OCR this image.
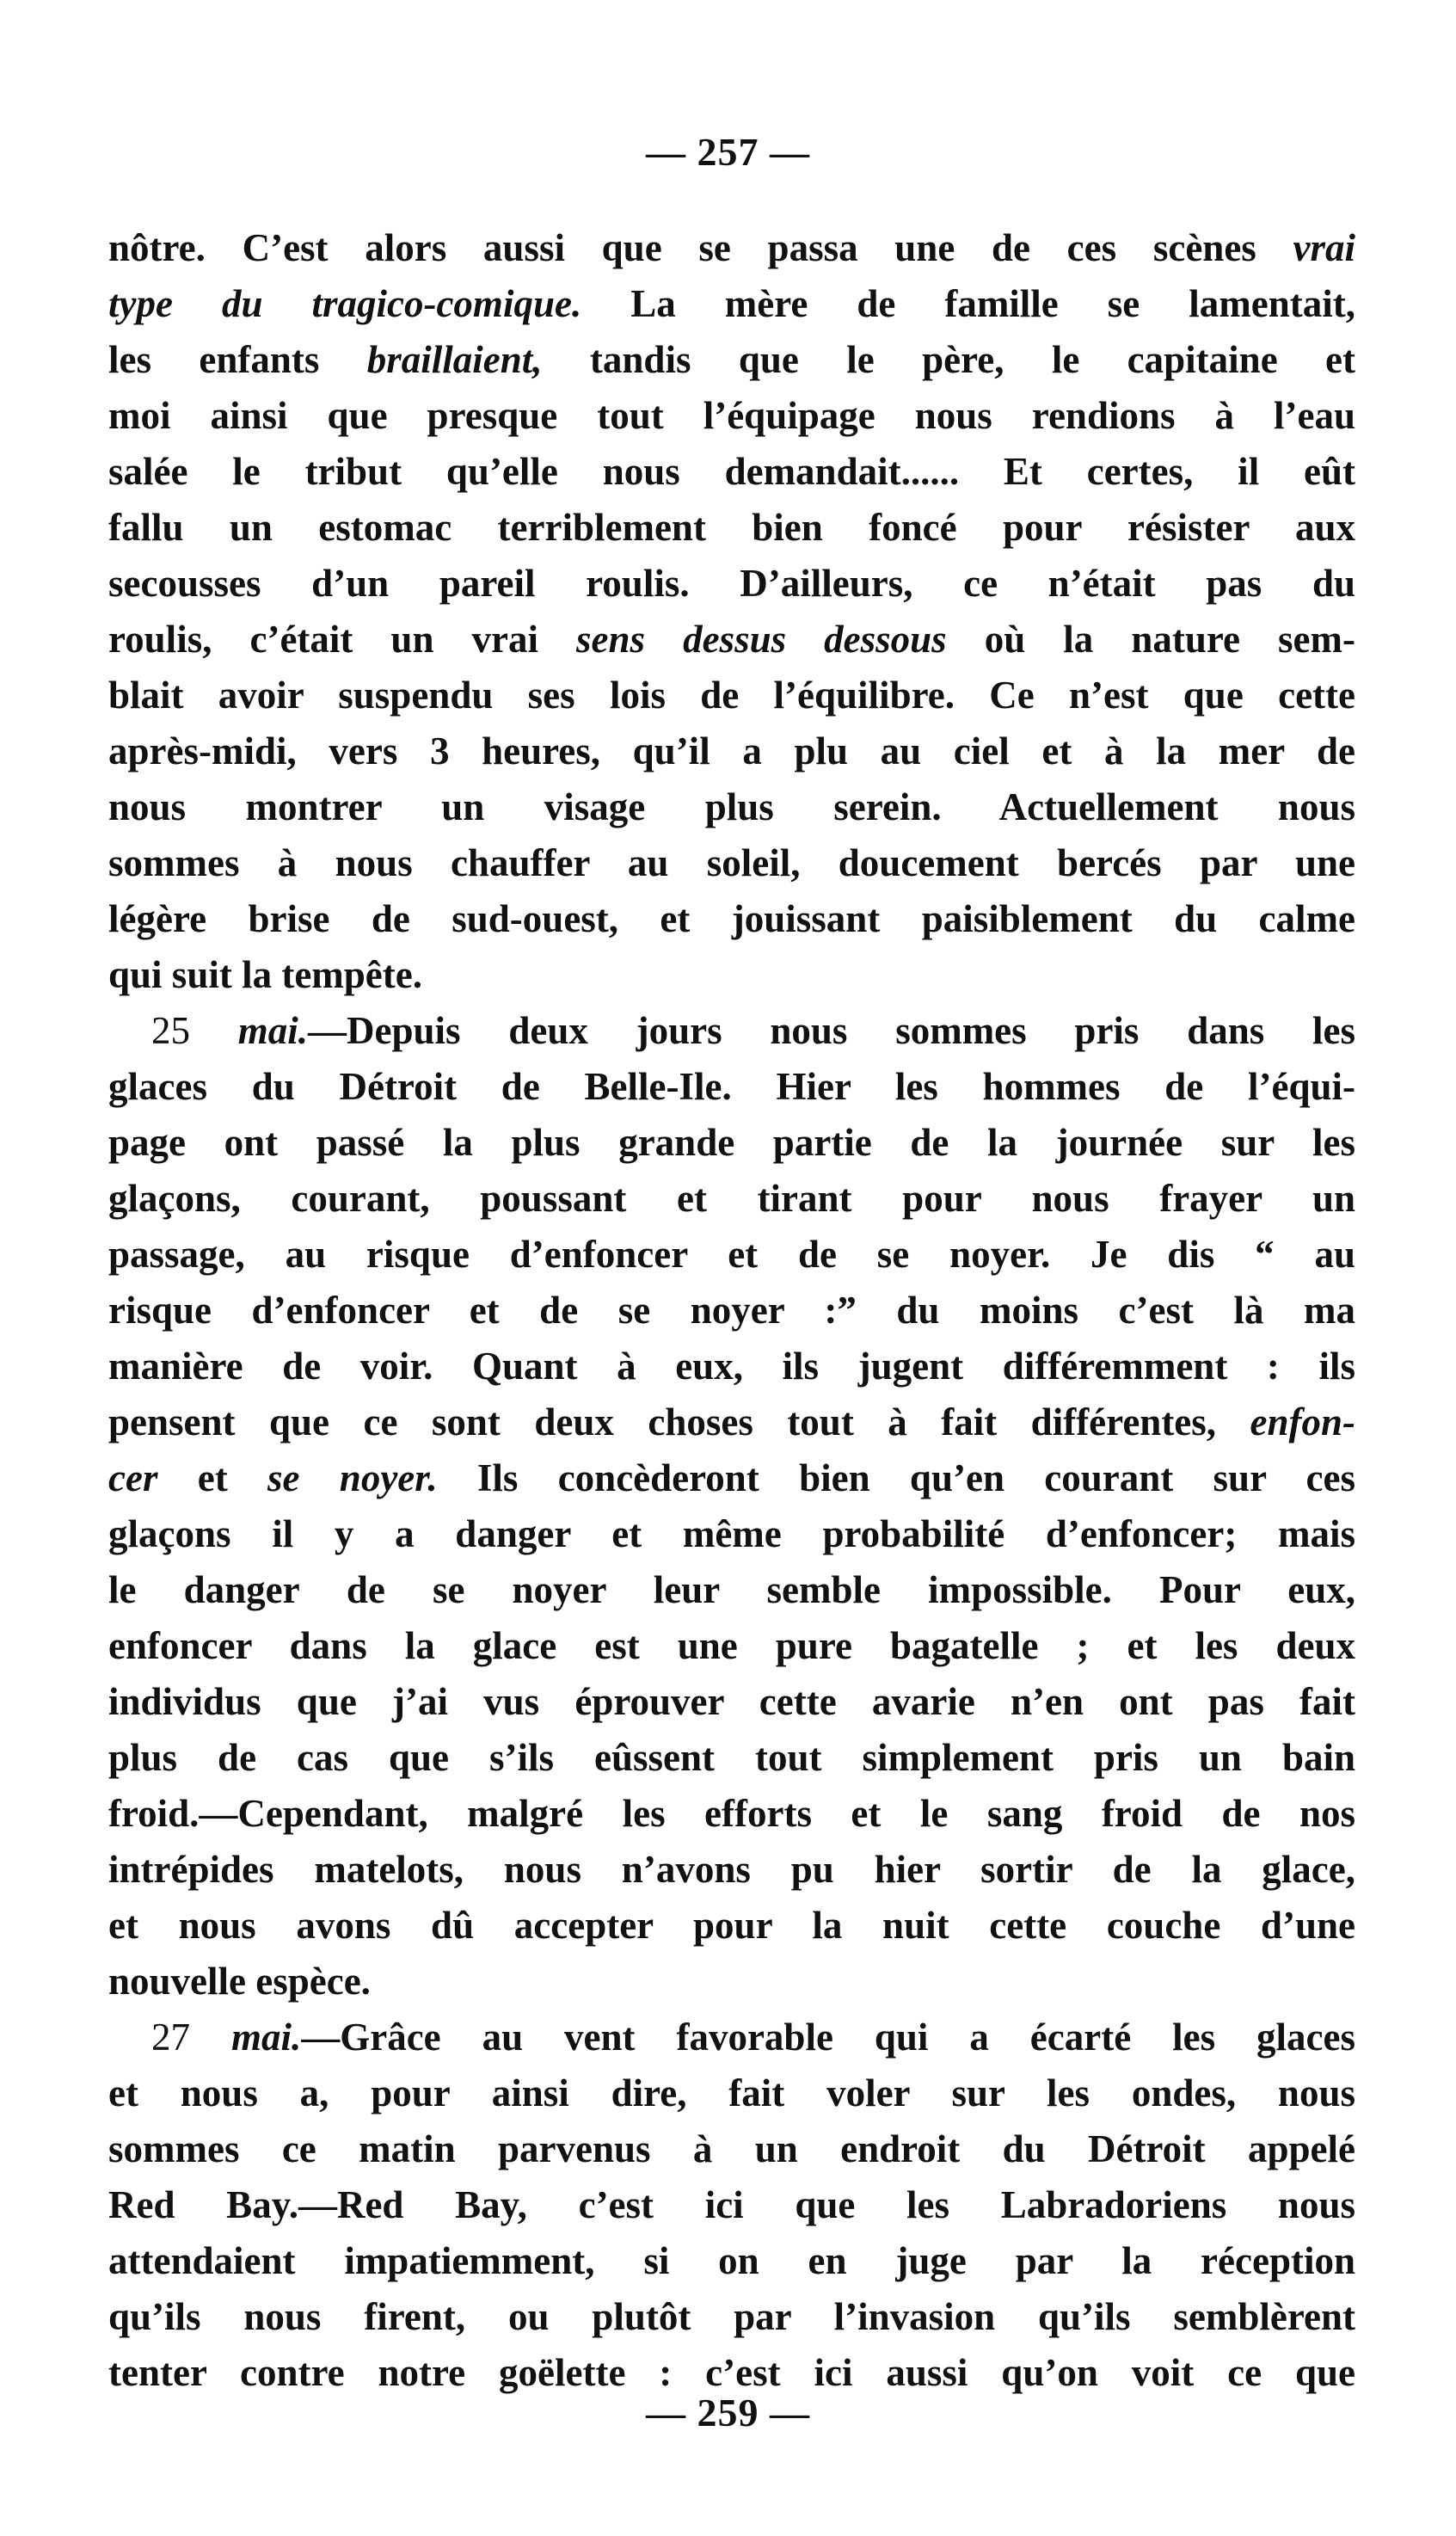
— 257 —
nôtre. C’est alors aussi que se passa une de ces scènes vrai
type du tragico-comique. La mère de famille se lamentait,
les enfants braillaient, tandis que le père, le capitaine et
moi ainsi que presque tout l’équipage nous rendions à l’eau
salée le tribut qu’elle nous demandait...... Et certes, il eût
fallu un estomac terriblement bien foncé pour résister aux
secousses d’un pareil roulis. D’ailleurs, ce n’était pas du
roulis, c’était un vrai sens dessus dessous où la nature sem-
blait avoir suspendu ses lois de l’équilibre. Ce n’est que cette
après-midi, vers 3 heures, qu’il a plu au ciel et à la mer de
nous montrer un visage plus serein. Actuellement nous
sommes à nous chauffer au soleil, doucement bercés par une
légère brise de sud-ouest, et jouissant paisiblement du calme
qui suit la tempête.
25 mai.—Depuis deux jours nous sommes pris dans les
glaces du Détroit de Belle-Ile. Hier les hommes de l’équi-
page ont passé la plus grande partie de la journée sur les
glaçons, courant, poussant et tirant pour nous frayer un
passage, au risque d’enfoncer et de se noyer. Je dis “ au
risque d’enfoncer et de se noyer :” du moins c’est là ma
manière de voir. Quant à eux, ils jugent différemment : ils
pensent que ce sont deux choses tout à fait différentes, enfon-
cer et se noyer. Ils concèderont bien qu’en courant sur ces
glaçons il y a danger et même probabilité d’enfoncer; mais
le danger de se noyer leur semble impossible. Pour eux,
enfoncer dans la glace est une pure bagatelle ; et les deux
individus que j’ai vus éprouver cette avarie n’en ont pas fait
plus de cas que s’ils eûssent tout simplement pris un bain
froid.—Cependant, malgré les efforts et le sang froid de nos
intrépides matelots, nous n’avons pu hier sortir de la glace,
et nous avons dû accepter pour la nuit cette couche d’une
nouvelle espèce.
27 mai.—Grâce au vent favorable qui a écarté les glaces
et nous a, pour ainsi dire, fait voler sur les ondes, nous
sommes ce matin parvenus à un endroit du Détroit appelé
Red Bay.—Red Bay, c’est ici que les Labradoriens nous
attendaient impatiemment, si on en juge par la réception
qu’ils nous firent, ou plutôt par l’invasion qu’ils semblèrent
tenter contre notre goëlette : c’est ici aussi qu’on voit ce que
— 259 —
